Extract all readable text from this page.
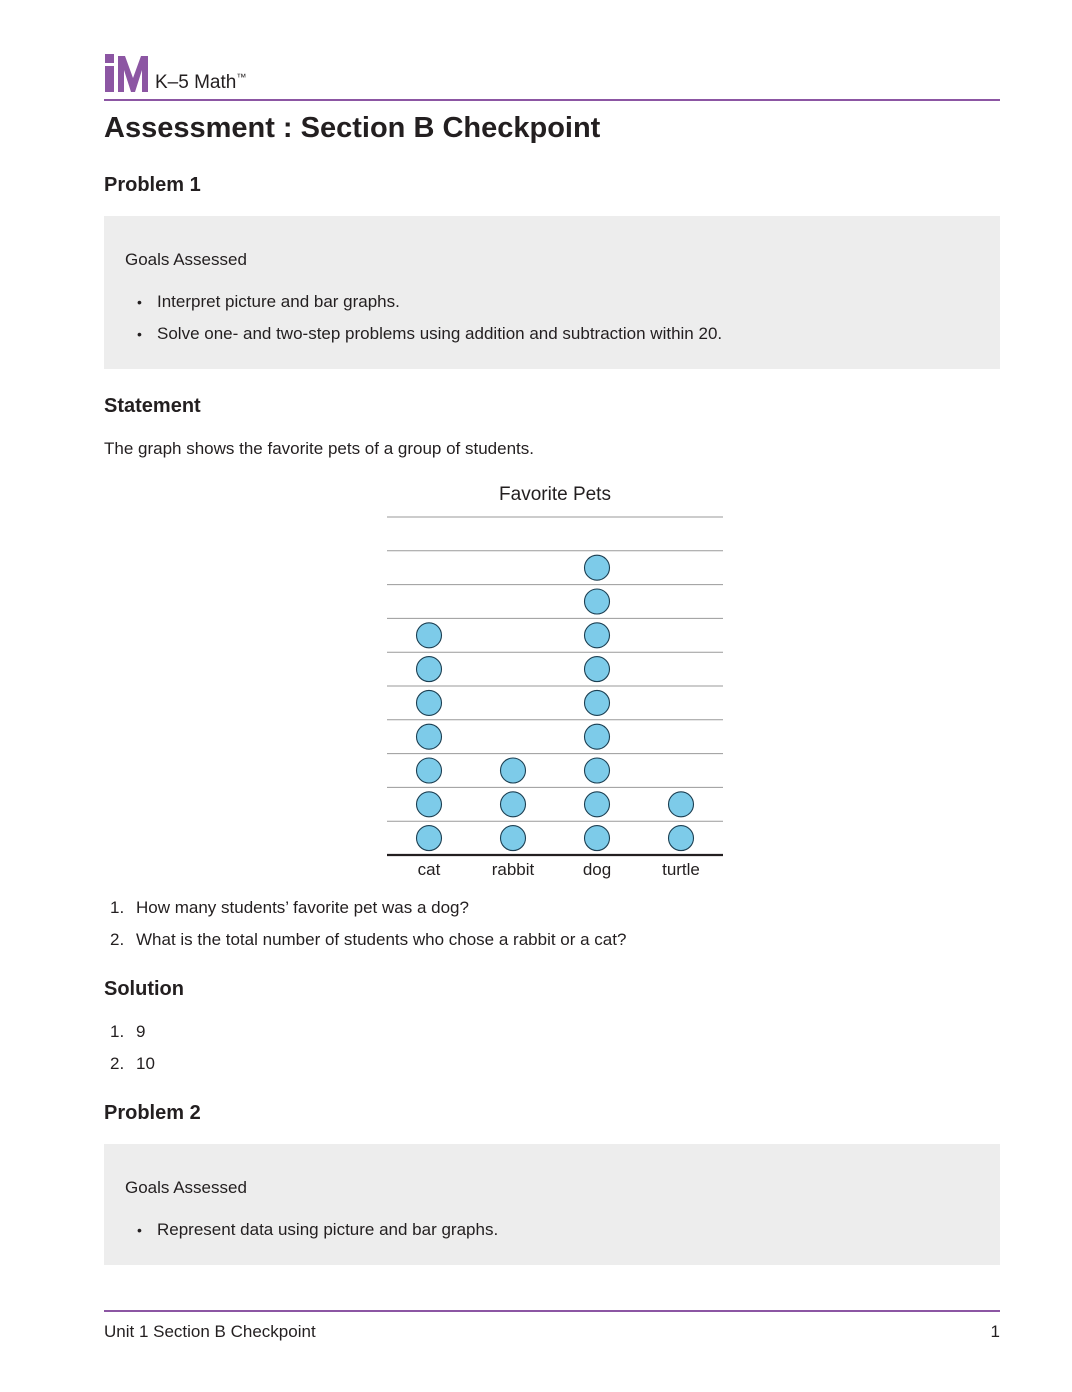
K–5 Math™
Assessment : Section B Checkpoint
Problem 1
Goals Assessed
• Interpret picture and bar graphs.
• Solve one- and two-step problems using addition and subtraction within 20.
Statement
The graph shows the favorite pets of a group of students.
Favorite Pets
cat	rabbit	dog	turtle
1. How many students’ favorite pet was a dog?
2. What is the total number of students who chose a rabbit or a cat?
Solution
1. 9
2. 10
Problem 2
Goals Assessed
• Represent data using picture and bar graphs.
Unit 1 Section B Checkpoint	1
